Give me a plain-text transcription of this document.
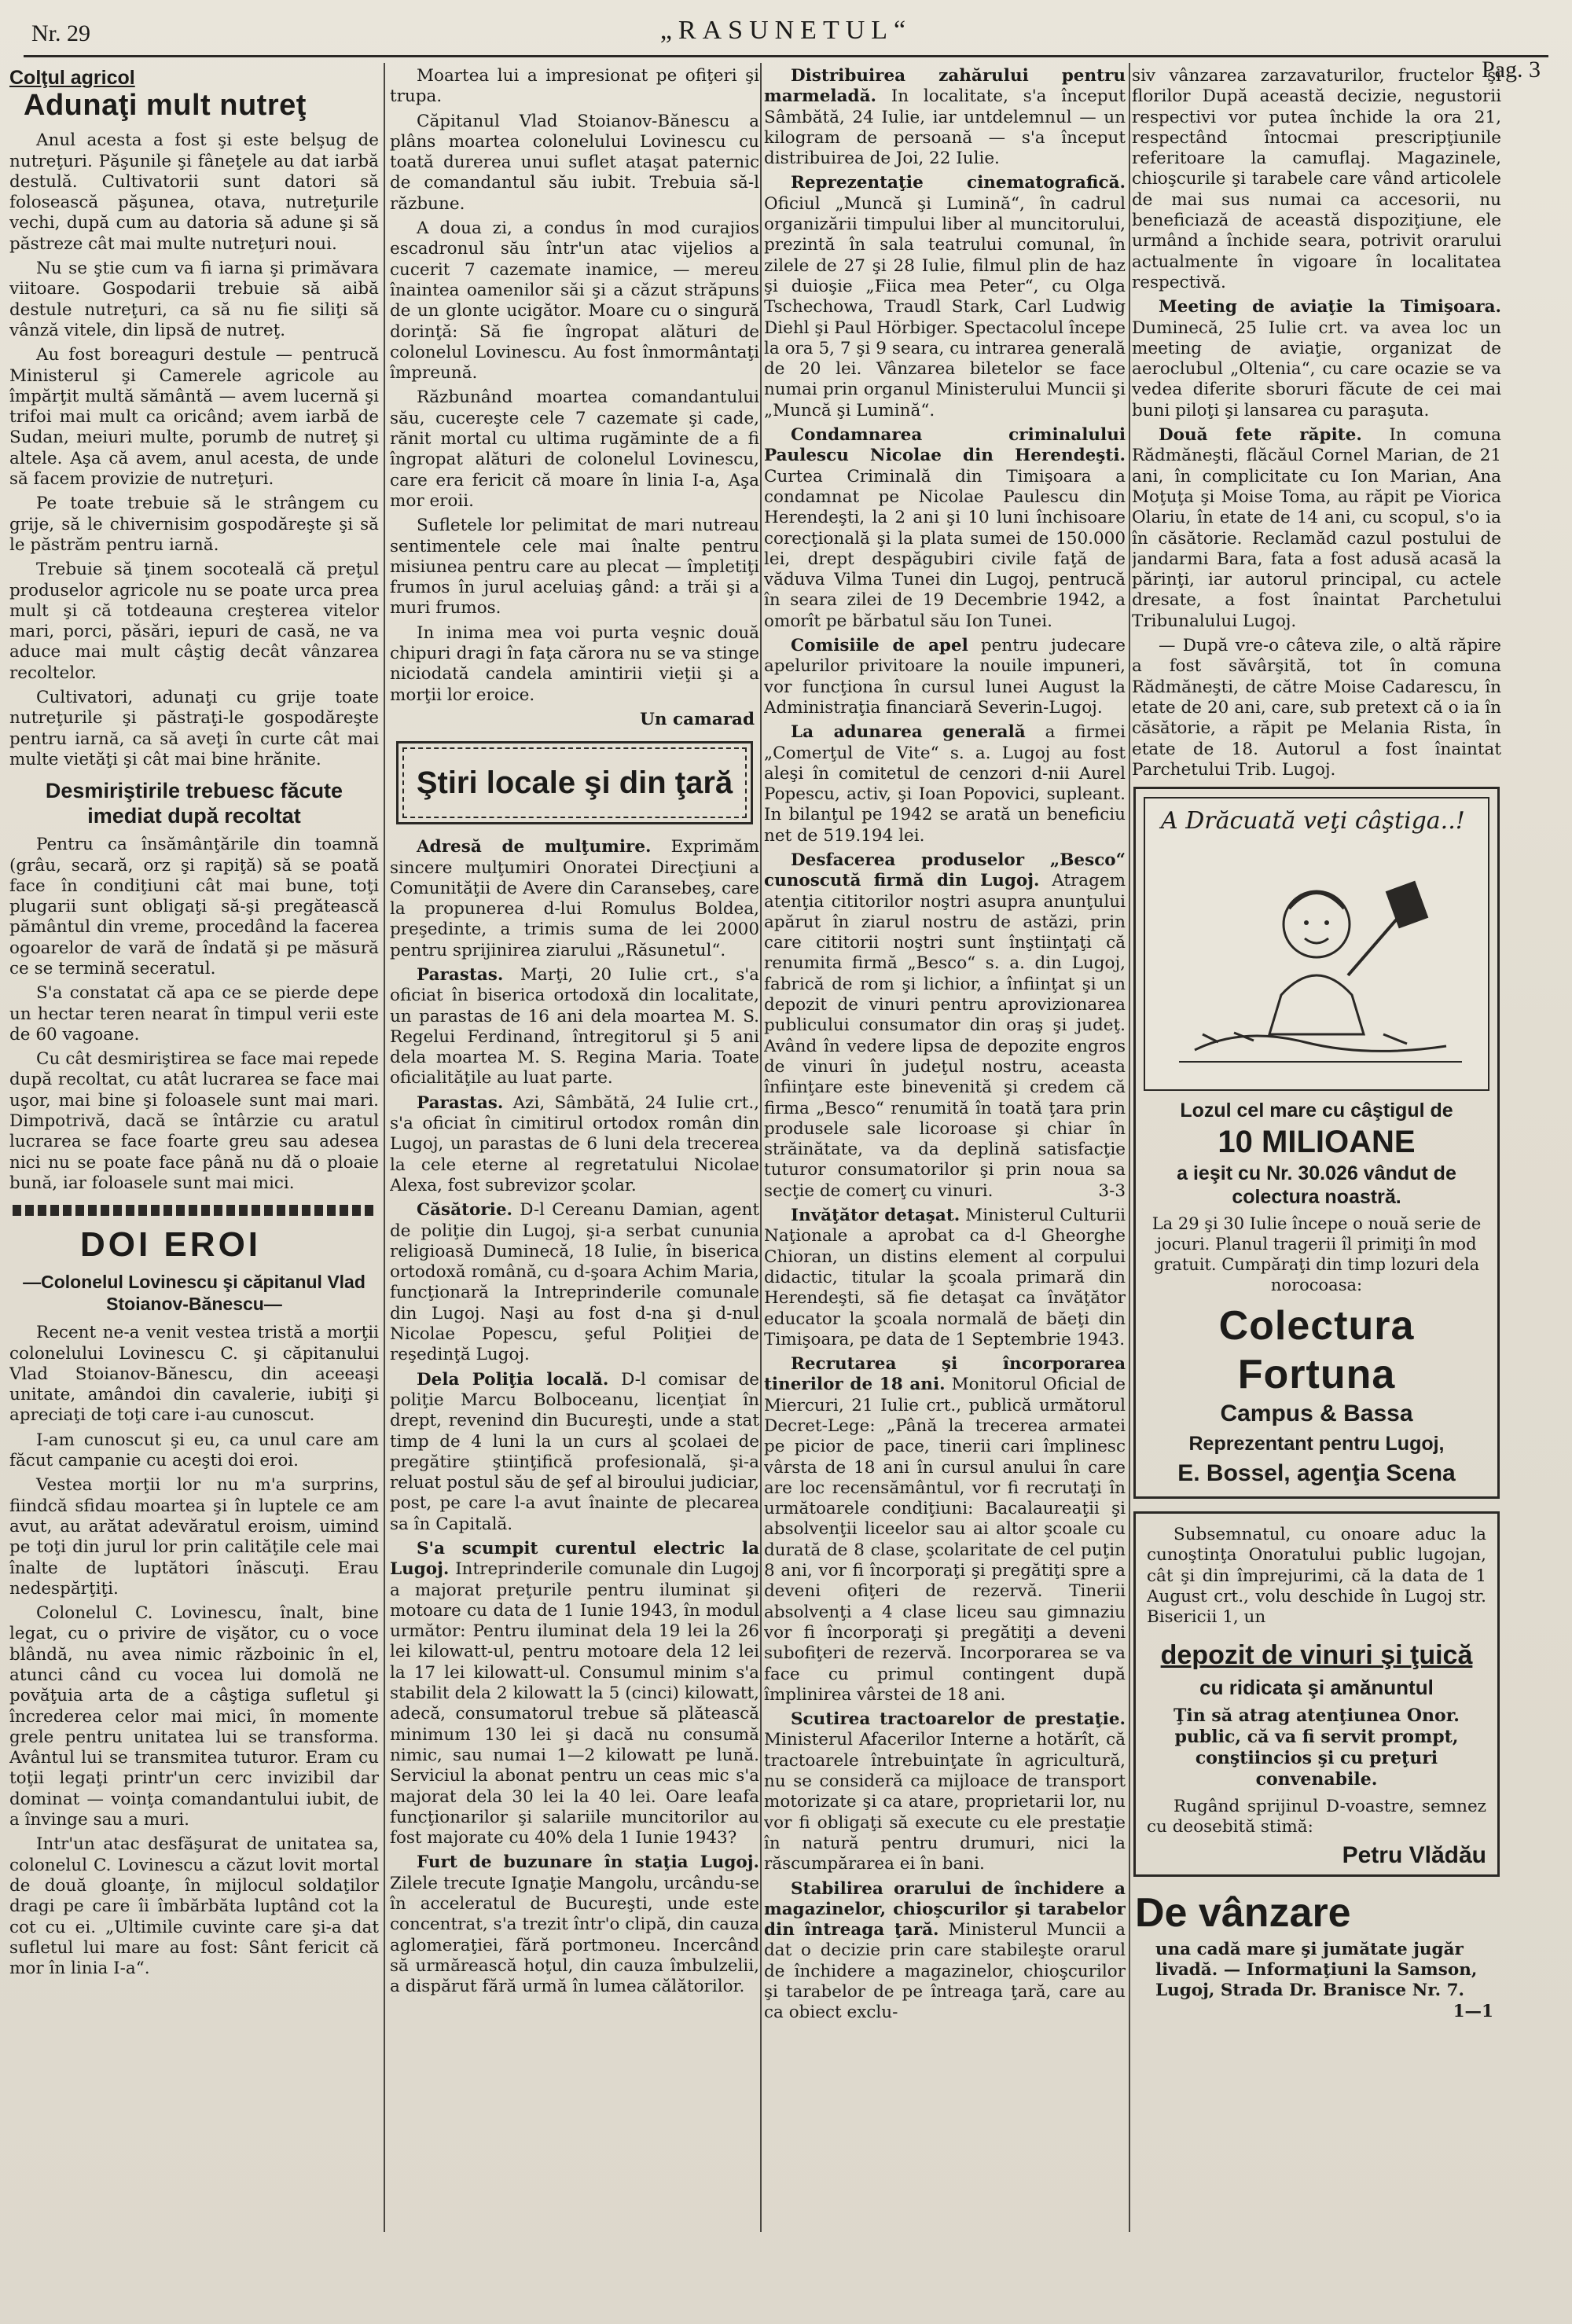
Nr. 29	„RASUNETUL“
Pag. 3
Colţul agricol
Adunaţi mult nutreţ

Anul acesta a fost şi este belşug de nutreţuri. Păşunile şi fâneţele au dat iarbă destulă. Cultivatorii sunt datori să folosească păşunea, otava, nutreţurile vechi, după cum au datoria să adune şi să păstreze cât mai multe nutreţuri noui.

Nu se ştie cum va fi iarna şi primăvara viitoare. Gospodarii trebuie să aibă destule nutreţuri, ca să nu fie siliţi să vânză vitele, din lipsă de nutreţ.

Au fost boreaguri destule — pentrucă Ministerul şi Camerele agricole au împărţit multă sământă — avem lucernă şi trifoi mai mult ca oricând; avem iarbă de Sudan, meiuri multe, porumb de nutreţ şi altele. Aşa că avem, anul acesta, de unde să facem provizie de nutreţuri.

Pe toate trebuie să le strângem cu grije, să le chivernisim gospodăreşte şi să le păstrăm pentru iarnă.

Trebuie să ţinem socoteală că preţul produselor agricole nu se poate urca prea mult şi că totdeauna creşterea vitelor mari, porci, păsări, iepuri de casă, ne va aduce mai mult câştig decât vânzarea recoltelor.

Cultivatori, adunaţi cu grije toate nutreţurile şi păstraţi-le gospodăreşte pentru iarnă, ca să aveţi în curte cât mai multe vietăţi şi cât mai bine hrănite.

Desmiriştirile trebuesc făcute imediat după recoltat

Pentru ca însămânţările din toamnă (grâu, secară, orz şi rapiţă) să se poată face în condiţiuni cât mai bune, toţi plugarii sunt obligaţi să-şi pregătească pământul din vreme, procedând la facerea ogoarelor de vară de îndată şi pe măsură ce se termină seceratul.

S'a constatat că apa ce se pierde depe un hectar teren nearat în timpul verii este de 60 vagoane.

Cu cât desmiriştirea se face mai repede după recoltat, cu atât lucrarea se face mai uşor, mai bine şi foloasele sunt mai mari. Dimpotrivă, dacă se întârzie cu aratul lucrarea se face foarte greu sau adesea nici nu se poate face până nu dă o ploaie bună, iar foloasele sunt mai mici.

DOI EROI
—Colonelul Lovinescu şi căpitanul Vlad Stoianov-Bănescu—

Recent ne-a venit vestea tristă a morţii colonelului Lovinescu C. şi căpitanului Vlad Stoianov-Bănescu, din aceeaşi unitate, amândoi din cavalerie, iubiţi şi apreciaţi de toţi care i-au cunoscut.

I-am cunoscut şi eu, ca unul care am făcut campanie cu aceşti doi eroi.

Vestea morţii lor nu m'a surprins, fiindcă sfidau moartea şi în luptele ce am avut, au arătat adevăratul eroism, uimind pe toţi din jurul lor prin calităţile cele mai înalte de luptători înăscuţi. Erau nedespărţiţi.

Colonelul C. Lovinescu, înalt, bine legat, cu o privire de vişător, cu o voce blândă, nu avea nimic războinic în el, atunci când cu vocea lui domolă ne povăţuia arta de a câştiga sufletul şi încrederea celor mai mici, în momente grele pentru unitatea lui se transforma. Avântul lui se transmitea tuturor. Eram cu toţii legaţi printr'un cerc invizibil dar dominat — voinţa comandantului iubit, de a învinge sau a muri.

Intr'un atac desfăşurat de unitatea sa, colonelul C. Lovinescu a căzut lovit mortal de două gloanţe, în mijlocul soldaţilor dragi pe care îi îmbărbăta luptând cot la cot cu ei. „Ultimile cuvinte care şi-a dat sufletul lui mare au fost: Sânt fericit că mor în linia I-a“.

Moartea lui a impresionat pe ofiţeri şi trupa.

Căpitanul Vlad Stoianov-Bănescu a plâns moartea colonelului Lovinescu cu toată durerea unui suflet ataşat paternic de comandantul său iubit. Trebuia să-l răzbune.

A doua zi, a condus în mod curajios escadronul său într'un atac vijelios a cucerit 7 cazemate inamice, — mereu înaintea oamenilor săi şi a căzut străpuns de un glonte ucigător. Moare cu o singură dorinţă: Să fie îngropat alături de colonelul Lovinescu. Au fost înmormântaţi împreună.

Răzbunând moartea comandantului său, cucereşte cele 7 cazemate şi cade, rănit mortal cu ultima rugăminte de a fi îngropat alături de colonelul Lovinescu, care era fericit că moare în linia I-a, Aşa mor eroii.

Sufletele lor pelimitat de mari nutreau sentimentele cele mai înalte pentru misiunea pentru care au plecat — împletiţi frumos în jurul aceluiaş gând: a trăi şi a muri frumos.

In inima mea voi purta veşnic două chipuri dragi în faţa cărora nu se va stinge niciodată candela amintirii vieţii şi a morţii lor eroice.

Un camarad
Ştiri locale şi din ţară

Adresă de mulţumire. Exprimăm sincere mulţumiri Onoratei Direcţiuni a Comunităţii de Avere din Caransebeş, care la propunerea d-lui Romulus Boldea, preşedinte, a trimis suma de lei 2000 pentru sprijinirea ziarului „Răsunetul“.

Parastas. Marţi, 20 Iulie crt., s'a oficiat în biserica ortodoxă din localitate, un parastas de 16 ani dela moartea M. S. Regelui Ferdinand, întregitorul şi 5 ani dela moartea M. S. Regina Maria. Toate oficialităţile au luat parte.

Parastas. Azi, Sâmbătă, 24 Iulie crt., s'a oficiat în cimitirul ortodox român din Lugoj, un parastas de 6 luni dela trecerea la cele eterne al regretatului Nicolae Alexa, fost subrevizor şcolar.

Căsătorie. D-l Cereanu Damian, agent de poliţie din Lugoj, şi-a serbat cununia religioasă Duminecă, 18 Iulie, în biserica ortodoxă română, cu d-şoara Achim Maria, funcţionară la Intreprinderile comunale din Lugoj. Naşi au fost d-na şi d-nul Nicolae Popescu, şeful Poliţiei de reşedinţă Lugoj.

Dela Poliţia locală. D-l comisar de poliţie Marcu Bolboceanu, licenţiat în drept, revenind din Bucureşti, unde a stat timp de 4 luni la un curs al şcolaei de pregătire ştiinţifică profesională, şi-a reluat postul său de şef al biroului judiciar, post, pe care l-a avut înainte de plecarea sa în Capitală.

S'a scumpit curentul electric la Lugoj. Intreprinderile comunale din Lugoj a majorat preţurile pentru iluminat şi motoare cu data de 1 Iunie 1943, în modul următor: Pentru iluminat dela 19 lei la 26 lei kilowatt-ul, pentru motoare dela 12 lei la 17 lei kilowatt-ul. Consumul minim s'a stabilit dela 2 kilowatt la 5 (cinci) kilowatt, adecă, consumatorul trebue să plătească minimum 130 lei şi dacă nu consumă nimic, sau numai 1—2 kilowatt pe lună. Serviciul la abonat pentru un ceas mic s'a majorat dela 30 lei la 40 lei. Oare leafa funcţionarilor şi salariile muncitorilor au fost majorate cu 40% dela 1 Iunie 1943?

Furt de buzunare în staţia Lugoj. Zilele trecute Ignaţie Mangolu, urcându-se în acceleratul de Bucureşti, unde este concentrat, s'a trezit într'o clipă, din cauza aglomeraţiei, fără portmoneu. Incercând să urmărească hoţul, din cauza îmbulzelii, a dispărut fără urmă în lumea călătorilor.

Distribuirea zahărului pentru marmeladă. In localitate, s'a început Sâmbătă, 24 Iulie, iar untdelemnul — un kilogram de persoană — s'a început distribuirea de Joi, 22 Iulie.

Reprezentaţie cinematografică. Oficiul „Muncă şi Lumină“, în cadrul organizării timpului liber al muncitorului, prezintă în sala teatrului comunal, în zilele de 27 şi 28 Iulie, filmul plin de haz şi duioşie „Fiica mea Peter“, cu Olga Tschechowa, Traudl Stark, Carl Ludwig Diehl şi Paul Hörbiger. Spectacolul începe la ora 5, 7 şi 9 seara, cu intrarea generală de 20 lei. Vânzarea biletelor se face numai prin organul Ministerului Muncii şi „Muncă şi Lumină“.

Condamnarea criminalului Paulescu Nicolae din Herendeşti. Curtea Criminală din Timişoara a condamnat pe Nicolae Paulescu din Herendeşti, la 2 ani şi 10 luni închisoare corecţională şi la plata sumei de 150.000 lei, drept despăgubiri civile faţă de văduva Vilma Tunei din Lugoj, pentrucă în seara zilei de 19 Decembrie 1942, a omorît pe bărbatul său Ion Tunei.

Comisiile de apel pentru judecare apelurilor privitoare la nouile impuneri, vor funcţiona în cursul lunei August la Administraţia financiară Severin-Lugoj.

La adunarea generală a firmei „Comerţul de Vite“ s. a. Lugoj au fost aleşi în comitetul de cenzori d-nii Aurel Popescu, activ, şi Ioan Popovici, supleant. In bilanţul pe 1942 se arată un beneficiu net de 519.194 lei.

Desfacerea produselor „Besco“ cunoscută firmă din Lugoj. Atragem atenţia cititorilor noştri asupra anunţului apărut în ziarul nostru de astăzi, prin care cititorii noştri sunt înştiinţaţi că renumita firmă „Besco“ s. a. din Lugoj, fabrică de rom şi lichior, a înfiinţat şi un depozit de vinuri pentru aprovizionarea publicului consumator din oraş şi judeţ. Având în vedere lipsa de depozite engros de vinuri în judeţul nostru, aceasta înfiinţare este binevenită şi credem că firma „Besco“ renumită în toată ţara prin produsele sale licoroase şi chiar în străinătate, va da deplină satisfacţie tuturor consumatorilor şi prin noua sa secţie de comerţ cu vinuri.	3-3

Invăţător detaşat. Ministerul Culturii Naţionale a aprobat ca d-l Gheorghe Chioran, un distins element al corpului didactic, titular la şcoala primară din Herendeşti, să fie detaşat ca învăţător educator la şcoala normală de băeţi din Timişoara, pe data de 1 Septembrie 1943.

Recrutarea şi încorporarea tinerilor de 18 ani. Monitorul Oficial de Miercuri, 21 Iulie crt., publică următorul Decret-Lege: „Până la trecerea armatei pe picior de pace, tinerii cari împlinesc vârsta de 18 ani în cursul anului în care are loc recensământul, vor fi recrutaţi în următoarele condiţiuni: Bacalaureaţii şi absolvenţii liceelor sau ai altor şcoale cu durată de 8 clase, şcolaritate de cel puţin 8 ani, vor fi încorporaţi şi pregătiţi spre a deveni ofiţeri de rezervă. Tinerii absolvenţi a 4 clase liceu sau gimnaziu vor fi încorporaţi şi pregătiţi a deveni subofiţeri de rezervă. Incorporarea se va face cu primul contingent după împlinirea vârstei de 18 ani.

Scutirea tractoarelor de prestaţie. Ministerul Afacerilor Interne a hotărît, că tractoarele întrebuinţate în agricultură, nu se consideră ca mijloace de transport motorizate şi ca atare, proprietarii lor, nu vor fi obligaţi să execute cu ele prestaţie în natură pentru drumuri, nici la răscumpărarea ei în bani.

Stabilirea orarului de închidere a magazinelor, chioşcurilor şi tarabelor din întreaga ţară. Ministerul Muncii a dat o decizie prin care stabileşte orarul de închidere a magazinelor, chioşcurilor şi tarabelor de pe întreaga ţară, care au ca obiect exclu-

siv vânzarea zarzavaturilor, fructelor şi florilor După această decizie, negustorii respectivi vor putea închide la ora 21, respectând întocmai prescripţiunile referitoare la camuflaj. Magazinele, chioşcurile şi tarabele care vând articolele de mai sus numai ca accesorii, nu beneficiază de această dispoziţiune, ele urmând a închide seara, potrivit orarului actualmente în vigoare în localitatea respectivă.

Meeting de aviaţie la Timişoara. Duminecă, 25 Iulie crt. va avea loc un meeting de aviaţie, organizat de aeroclubul „Oltenia“, cu care ocazie se va vedea diferite sboruri făcute de cei mai buni piloţi şi lansarea cu paraşuta.

Două fete răpite. In comuna Rădmăneşti, flăcăul Cornel Marian, de 21 ani, în complicitate cu Ion Marian, Ana Moţuţa şi Moise Toma, au răpit pe Viorica Olariu, în etate de 14 ani, cu scopul, s'o ia în căsătorie. Reclamăd cazul postului de jandarmi Bara, fata a fost adusă acasă la părinţi, iar autorul principal, cu actele dresate, a fost înaintat Parchetului Tribunalului Lugoj.

— După vre-o câteva zile, o altă răpire a fost săvârşită, tot în comuna Rădmăneşti, de către Moise Cadarescu, în etate de 20 ani, care, sub pretext că o ia în căsătorie, a răpit pe Melania Rista, în etate de 18. Autorul a fost înaintat Parchetului Trib. Lugoj.

A Drăcuată veţi câştiga..!
Lozul cel mare cu câştigul de
10 MILIOANE
a ieşit cu Nr. 30.026 vândut de colectura noastră.
La 29 şi 30 Iulie începe o nouă serie de jocuri. Planul tragerii îl primiţi în mod gratuit. Cumpăraţi din timp lozuri dela norocoasa:
Colectura Fortuna
Campus & Bassa
Reprezentant pentru Lugoj,
E. Bossel, agenţia Scena

Subsemnatul, cu onoare aduc la cunoştinţa Onoratului public lugojan, cât şi din împrejurimi, că la data de 1 August crt., volu deschide în Lugoj str. Bisericii 1, un

depozit de vinuri şi ţuică
cu ridicata şi amănuntul
Ţin să atrag atenţiunea Onor. public, că va fi servit prompt, conştiincios şi cu preţuri convenabile.

Rugând sprijinul D-voastre, semnez cu deosebită stimă:

Petru Vlădău
De vânzare
una cadă mare şi jumătate jugăr livadă. — Informaţiuni la Samson, Lugoj, Strada Dr. Branisce Nr. 7.
1—1
